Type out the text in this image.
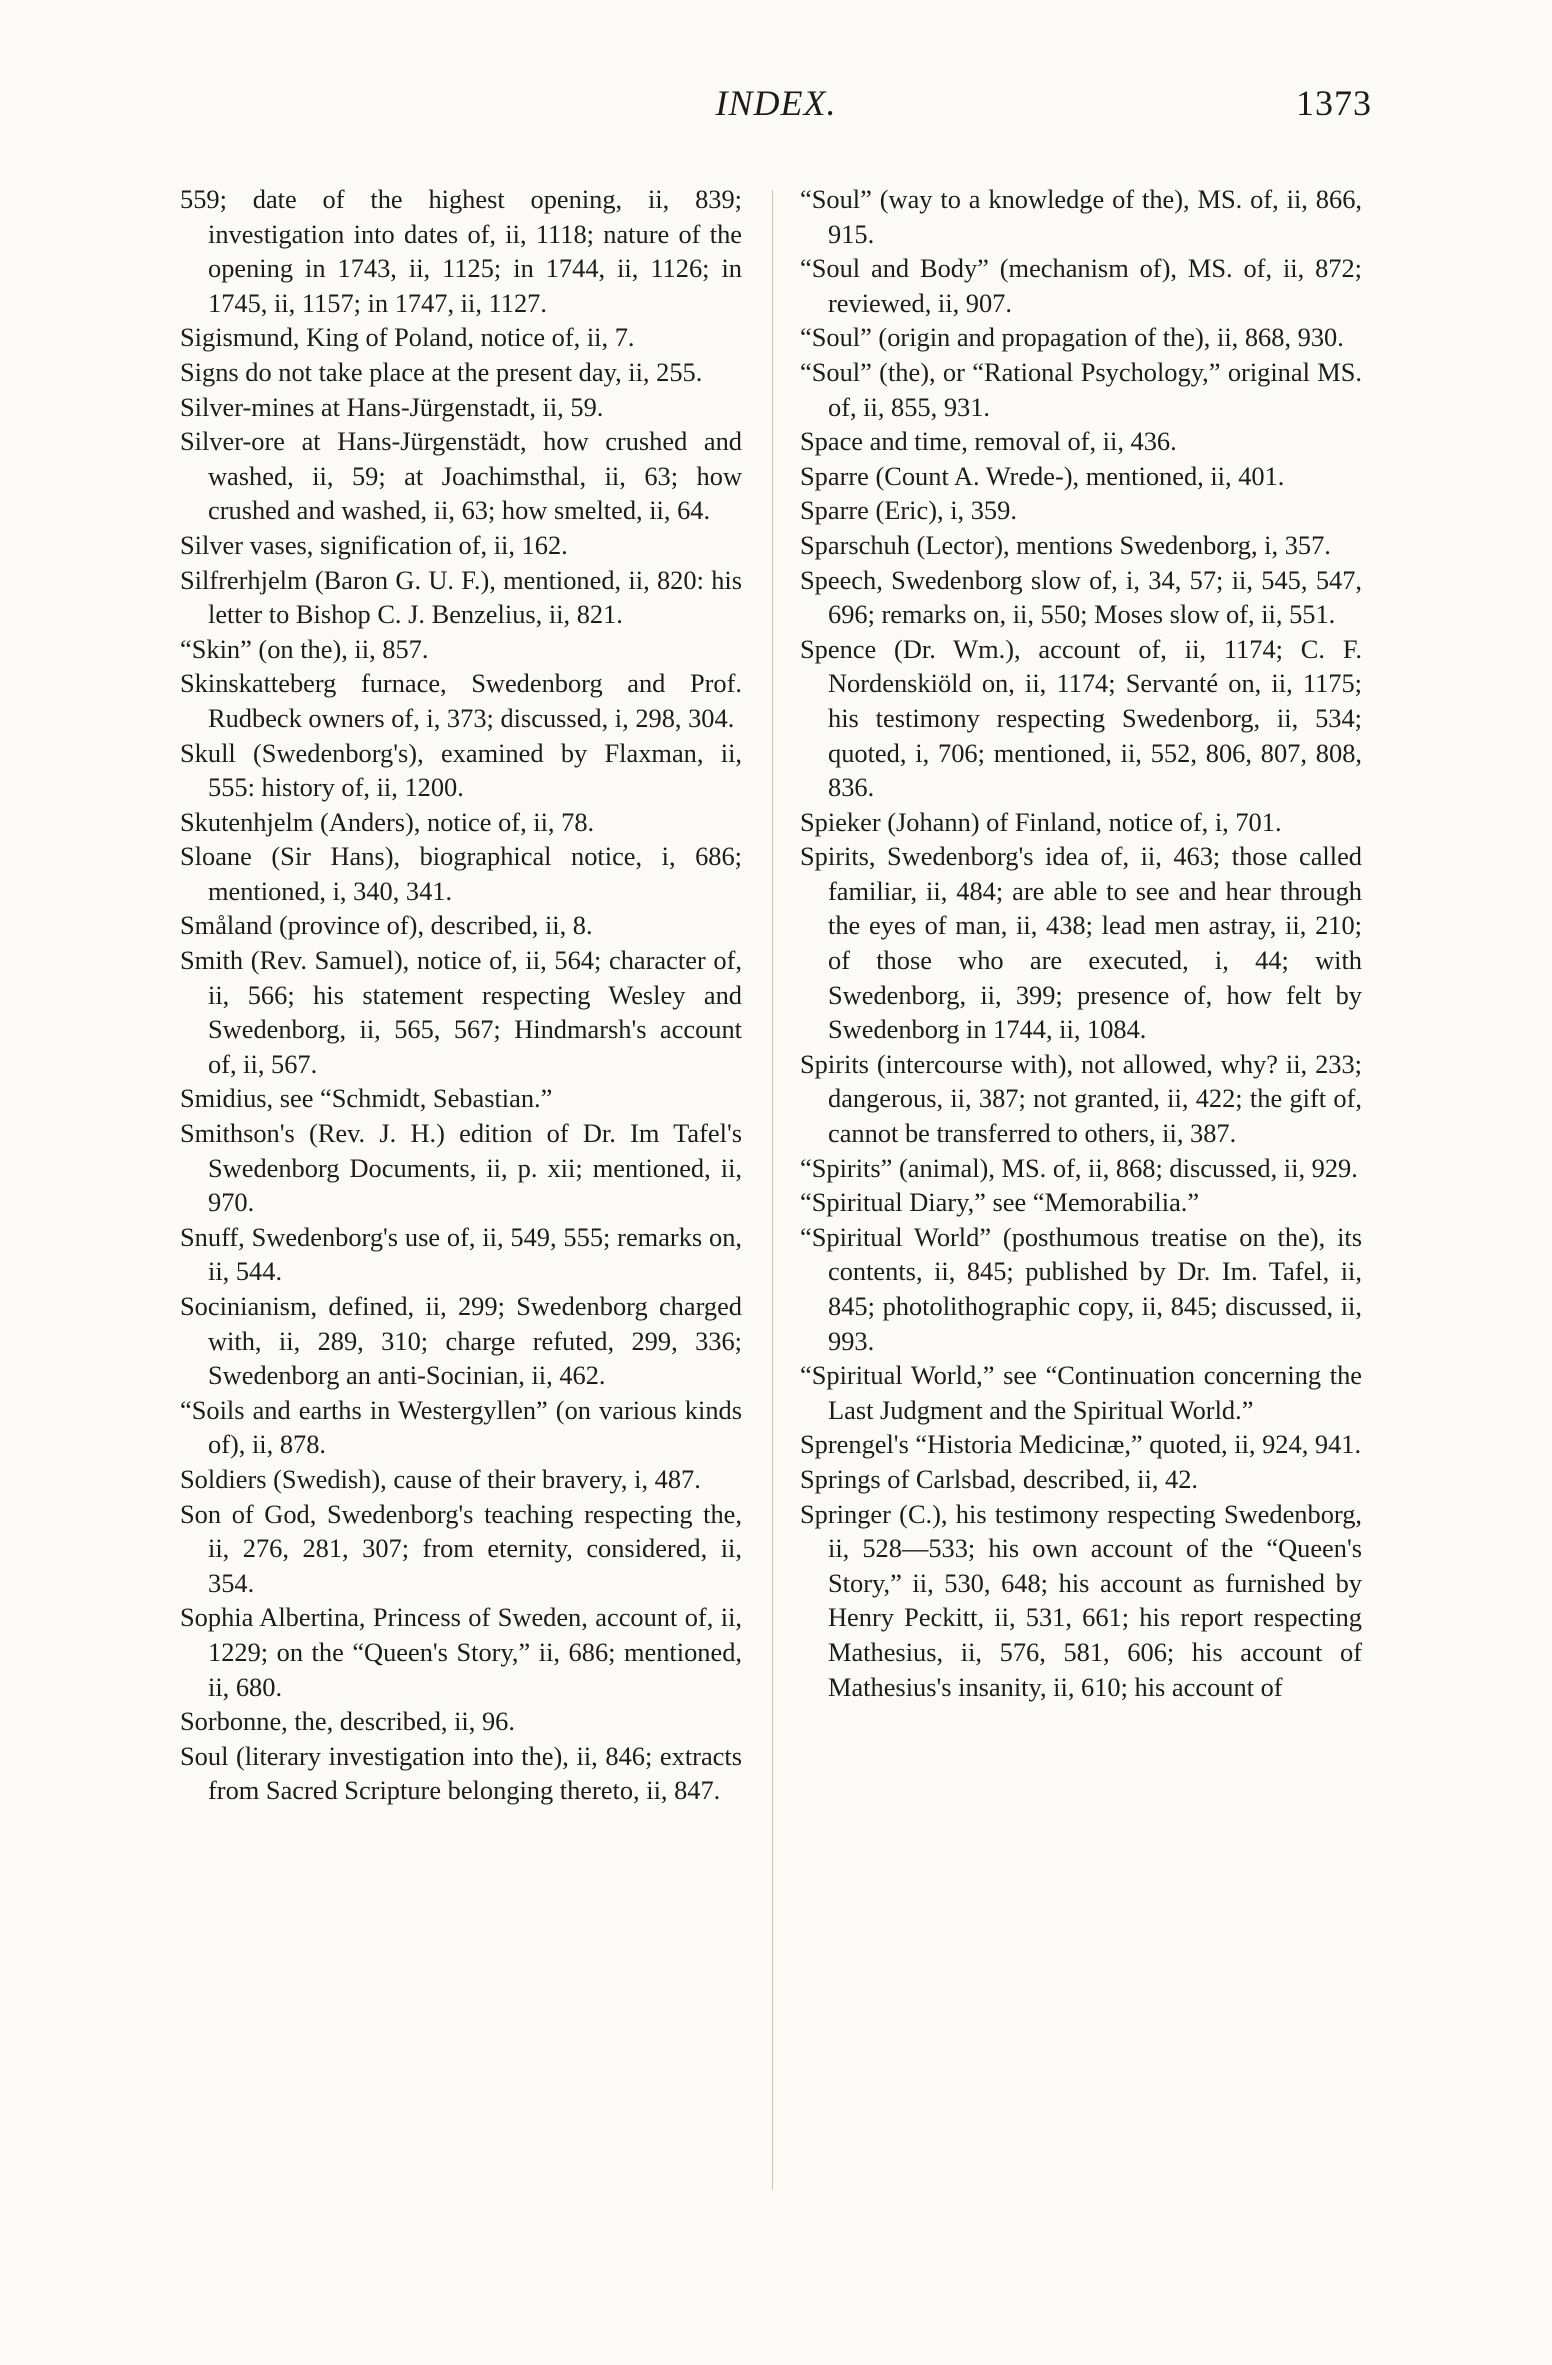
INDEX.	1373

559; date of the highest opening, ii, 839; investigation into dates of, ii, 1118; nature of the opening in 1743, ii, 1125; in 1744, ii, 1126; in 1745, ii, 1157; in 1747, ii, 1127.

Sigismund, King of Poland, notice of, ii, 7.

Signs do not take place at the present day, ii, 255.

Silver-mines at Hans-Jürgenstadt, ii, 59.

Silver-ore at Hans-Jürgenstädt, how crushed and washed, ii, 59; at Joachimsthal, ii, 63; how crushed and washed, ii, 63; how smelted, ii, 64.

Silver vases, signification of, ii, 162.

Silfrerhjelm (Baron G. U. F.), mentioned, ii, 820: his letter to Bishop C. J. Benzelius, ii, 821.

“Skin” (on the), ii, 857.

Skinskatteberg furnace, Swedenborg and Prof. Rudbeck owners of, i, 373; discussed, i, 298, 304.

Skull (Swedenborg's), examined by Flaxman, ii, 555: history of, ii, 1200.

Skutenhjelm (Anders), notice of, ii, 78.

Sloane (Sir Hans), biographical notice, i, 686; mentioned, i, 340, 341.

Småland (province of), described, ii, 8.

Smith (Rev. Samuel), notice of, ii, 564; character of, ii, 566; his statement respecting Wesley and Swedenborg, ii, 565, 567; Hindmarsh's account of, ii, 567.

Smidius, see “Schmidt, Sebastian.”

Smithson's (Rev. J. H.) edition of Dr. Im Tafel's Swedenborg Documents, ii, p. xii; mentioned, ii, 970.

Snuff, Swedenborg's use of, ii, 549, 555; remarks on, ii, 544.

Socinianism, defined, ii, 299; Swedenborg charged with, ii, 289, 310; charge refuted, 299, 336; Swedenborg an anti-Socinian, ii, 462.

“Soils and earths in Westergyllen” (on various kinds of), ii, 878.

Soldiers (Swedish), cause of their bravery, i, 487.

Son of God, Swedenborg's teaching respecting the, ii, 276, 281, 307; from eternity, considered, ii, 354.

Sophia Albertina, Princess of Sweden, account of, ii, 1229; on the “Queen's Story,” ii, 686; mentioned, ii, 680.

Sorbonne, the, described, ii, 96.

Soul (literary investigation into the), ii, 846; extracts from Sacred Scripture belonging thereto, ii, 847.

“Soul” (way to a knowledge of the), MS. of, ii, 866, 915.

“Soul and Body” (mechanism of), MS. of, ii, 872; reviewed, ii, 907.

“Soul” (origin and propagation of the), ii, 868, 930.

“Soul” (the), or “Rational Psychology,” original MS. of, ii, 855, 931.

Space and time, removal of, ii, 436.

Sparre (Count A. Wrede-), mentioned, ii, 401.

Sparre (Eric), i, 359.

Sparschuh (Lector), mentions Swedenborg, i, 357.

Speech, Swedenborg slow of, i, 34, 57; ii, 545, 547, 696; remarks on, ii, 550; Moses slow of, ii, 551.

Spence (Dr. Wm.), account of, ii, 1174; C. F. Nordenskiöld on, ii, 1174; Servanté on, ii, 1175; his testimony respecting Swedenborg, ii, 534; quoted, i, 706; mentioned, ii, 552, 806, 807, 808, 836.

Spieker (Johann) of Finland, notice of, i, 701.

Spirits, Swedenborg's idea of, ii, 463; those called familiar, ii, 484; are able to see and hear through the eyes of man, ii, 438; lead men astray, ii, 210; of those who are executed, i, 44; with Swedenborg, ii, 399; presence of, how felt by Swedenborg in 1744, ii, 1084.

Spirits (intercourse with), not allowed, why? ii, 233; dangerous, ii, 387; not granted, ii, 422; the gift of, cannot be transferred to others, ii, 387.

“Spirits” (animal), MS. of, ii, 868; discussed, ii, 929.

“Spiritual Diary,” see “Memorabilia.”

“Spiritual World” (posthumous treatise on the), its contents, ii, 845; published by Dr. Im. Tafel, ii, 845; photolithographic copy, ii, 845; discussed, ii, 993.

“Spiritual World,” see “Continuation concerning the Last Judgment and the Spiritual World.”

Sprengel's “Historia Medicinæ,” quoted, ii, 924, 941.

Springs of Carlsbad, described, ii, 42.

Springer (C.), his testimony respecting Swedenborg, ii, 528—533; his own account of the “Queen's Story,” ii, 530, 648; his account as furnished by Henry Peckitt, ii, 531, 661; his report respecting Mathesius, ii, 576, 581, 606; his account of Mathesius's insanity, ii, 610; his account of
